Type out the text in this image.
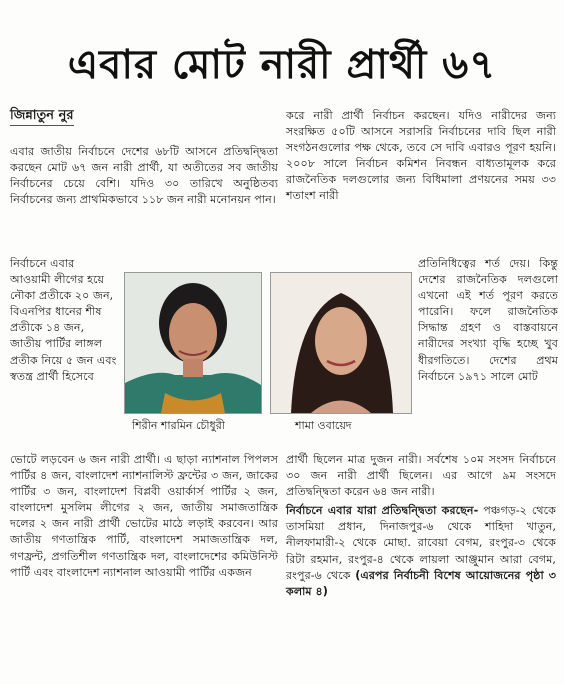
এবার মোট নারী প্রার্থী ৬৭
জিন্নাতুন নুর

এবার জাতীয় নির্বাচনে দেশের ৬৮টি আসনে প্রতিদ্বন্দ্বিতা করছেন মোট ৬৭ জন নারী প্রার্থী, যা অতীতের সব জাতীয় নির্বাচনের চেয়ে বেশি। যদিও ৩০ তারিখে অনুষ্ঠিতব্য নির্বাচনের জন্য প্রাথমিকভাবে ১১৮ জন নারী মনোনয়ন পান।

নির্বাচনে এবার আওয়ামী লীগের হয়ে নৌকা প্রতীকে ২০ জন, বিএনপির ধানের শীষ প্রতীকে ১৪ জন, জাতীয় পার্টির লাঙ্গল প্রতীক নিয়ে ৫ জন এবং স্বতন্ত্র প্রার্থী হিসেবে
ভোটে লড়বেন ৬ জন নারী প্রার্থী। এ ছাড়া ন্যাশনাল পিপলস পার্টির ৪ জন, বাংলাদেশ ন্যাশনালিস্ট ফ্রন্টের ৩ জন, জাকের পার্টির ৩ জন, বাংলাদেশ বিপ্লবী ওয়ার্কার্স পার্টির ২ জন, বাংলাদেশ মুসলিম লীগের ২ জন, জাতীয় সমাজতান্ত্রিক দলের ২ জন নারী প্রার্থী ভোটের মাঠে লড়াই করবেন। আর জাতীয় গণতান্ত্রিক পার্টি, বাংলাদেশ সমাজতান্ত্রিক দল, গণফ্রন্ট, প্রগতিশীল গণতান্ত্রিক দল, বাংলাদেশের কমিউনিস্ট পার্টি এবং বাংলাদেশ ন্যাশনাল আওয়ামী পার্টির একজন
করে নারী প্রার্থী নির্বাচন করছেন। যদিও নারীদের জন্য সংরক্ষিত ৫০টি আসনে সরাসরি নির্বাচনের দাবি ছিল নারী সংগঠনগুলোর পক্ষ থেকে, তবে সে দাবি এবারও পূরণ হয়নি। ২০০৮ সালে নির্বাচন কমিশন নিবন্ধন বাধ্যতামূলক করে রাজনৈতিক দলগুলোর জন্য বিধিমালা প্রণয়নের সময় ৩৩ শতাংশ নারী
প্রতিনিধিত্বের শর্ত দেয়। কিন্তু দেশের রাজনৈতিক দলগুলো এখনো এই শর্ত পূরণ করতে পারেনি। ফলে রাজনৈতিক সিদ্ধান্ত গ্রহণ ও বাস্তবায়নে নারীদের সংখ্যা বৃদ্ধি হচ্ছে খুব ধীরগতিতে। দেশের প্রথম নির্বাচনে ১৯৭১ সালে মোট

প্রার্থী ছিলেন মাত্র দুজন নারী। সর্বশেষ ১০ম সংসদ নির্বাচনে ৩০ জন নারী প্রার্থী ছিলেন। এর আগে ৯ম সংসদে প্রতিদ্বন্দ্বিতা করেন ৬৪ জন নারী।

নির্বাচনে এবার যারা প্রতিদ্বন্দ্বিতা করছেন- পঞ্চগড়-২ থেকে তাসমিয়া প্রধান, দিনাজপুর-৬ থেকে শাহিদা খাতুন, নীলফামারী-২ থেকে মোছা. রাবেয়া বেগম, রংপুর-৩ থেকে রিটা রহমান, রংপুর-৪ থেকে লায়লা আঞ্জুমান আরা বেগম, রংপুর-৬ থেকে (এরপর নির্বাচনী বিশেষ আয়োজনের পৃষ্ঠা ৩ কলাম ৪)

শিরীন শারমিন চৌধুরী	শামা ওবায়েদ
